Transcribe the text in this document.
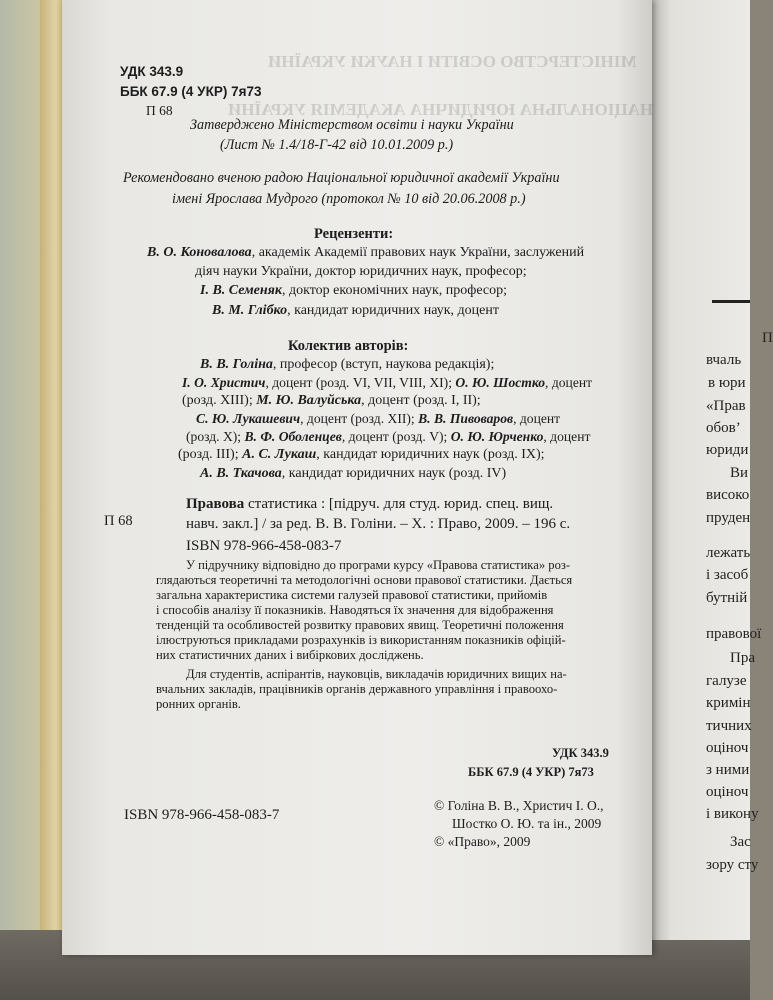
МІНІСТЕРСТВО ОСВІТИ І НАУКИ УКРАЇНИ
НАЦІОНАЛЬНА ЮРИДИЧНА АКАДЕМІЯ УКРАЇНИ
УДК 343.9
ББК 67.9 (4 УКР) 7я73
П 68
Затверджено Міністерством освіти і науки України
(Лист № 1.4/18-Г-42 від 10.01.2009 р.)
Рекомендовано вченою радою Національної юридичної академії України
імені Ярослава Мудрого (протокол № 10 від 20.06.2008 р.)
Рецензенти:
В. О. Коновалова, академік Академії правових наук України, заслужений
діяч науки України, доктор юридичних наук, професор;
І. В. Семеняк, доктор економічних наук, професор;
В. М. Глібко, кандидат юридичних наук, доцент
Колектив авторів:
В. В. Голіна, професор (вступ, наукова редакція);
І. О. Христич, доцент (розд. VI, VII, VIII, XI); О. Ю. Шостко, доцент
(розд. XIII); М. Ю. Валуйська, доцент (розд. I, II);
С. Ю. Лукашевич, доцент (розд. XII); В. В. Пивоваров, доцент
(розд. X); В. Ф. Оболенцев, доцент (розд. V); О. Ю. Юрченко, доцент
(розд. III); А. С. Лукаш, кандидат юридичних наук (розд. IX);
А. В. Ткачова, кандидат юридичних наук (розд. IV)
П 68
Правова статистика : [підруч. для студ. юрид. спец. вищ.
навч. закл.] / за ред. В. В. Голіни. – Х. : Право, 2009. – 196 с.
ISBN 978-966-458-083-7
У підручнику відповідно до програми курсу «Правова статистика» роз-
глядаються теоретичні та методологічні основи правової статистики. Дається
загальна характеристика системи галузей правової статистики, прийомів
і способів аналізу її показників. Наводяться їх значення для відображення
тенденцій та особливостей розвитку правових явищ. Теоретичні положення
ілюструються прикладами розрахунків із використанням показників офіцій-
них статистичних даних і вибіркових досліджень.
Для студентів, аспірантів, науковців, викладачів юридичних вищих на-
вчальних закладів, працівників органів державного управління і правоохо-
ронних органів.
УДК 343.9
ББК 67.9 (4 УКР) 7я73
ISBN 978-966-458-083-7
© Голіна В. В., Христич І. О.,
Шостко О. Ю. та ін., 2009
© «Право», 2009
П
вчаль
в юри
«Прав
обов’
юриди
Ви
високо
пруден
лежать
і засоб
бутній
правової
Пра
галузе
кримін
тичних
оціноч
з ними
оціноч
і викону
Зас
зору сту
